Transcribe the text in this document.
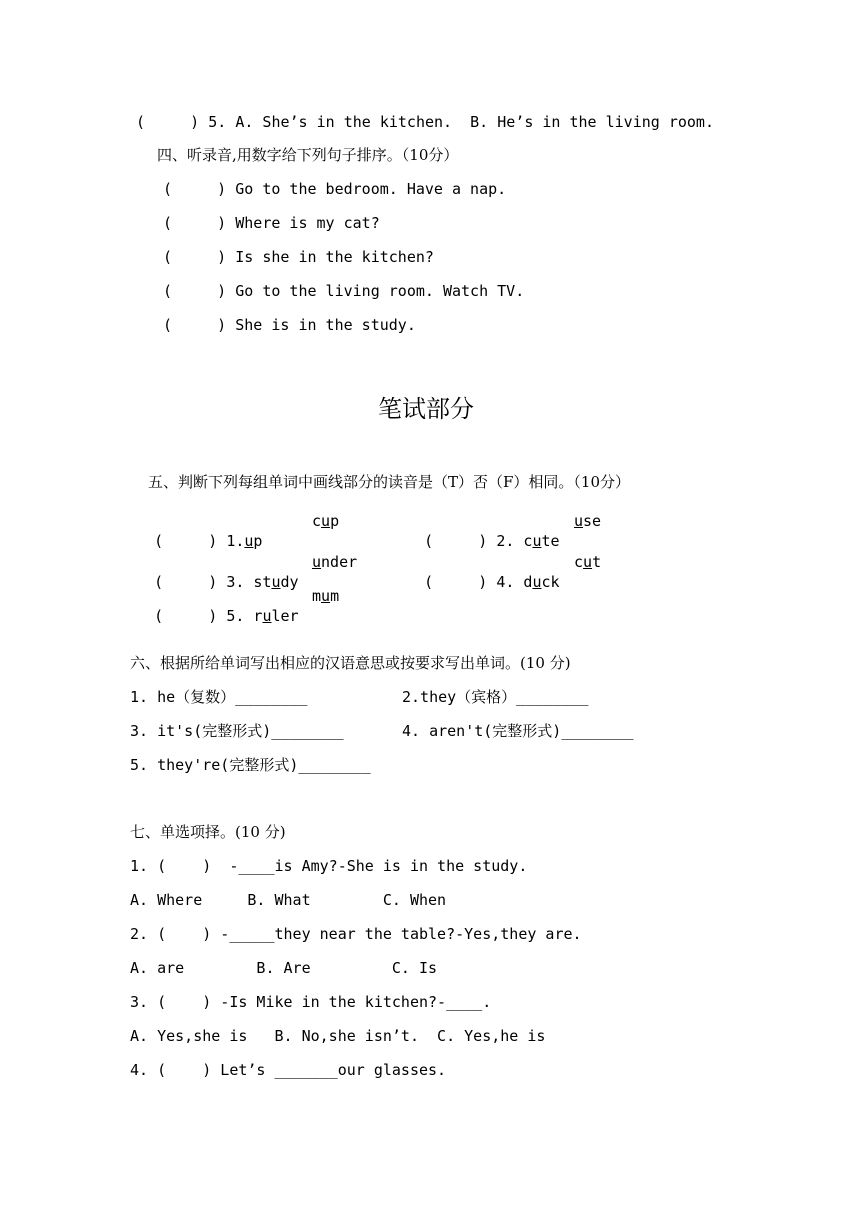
(     ) 5. A. She’s in the kitchen.  B. He’s in the living room.
四、听录音,用数字给下列句子排序。（10分）
(     ) Go to the bedroom. Have a nap.
(     ) Where is my cat?
(     ) Is she in the kitchen?
(     ) Go to the living room. Watch TV.
(     ) She is in the study.
笔试部分
五、判断下列每组单词中画线部分的读音是（T）否（F）相同。（10分）

(     ) 1.up

cup

(     ) 2. cute

use

(     ) 3. study

under

(     ) 4. duck

cut

(     ) 5. ruler

mum
六、根据所给单词写出相应的汉语意思或按要求写出单词。(10 分)
1. he（复数）________	2.they（宾格）________
3. it's(完整形式)________	4. aren't(完整形式)________
5. they're(完整形式)________
七、单选项择。(10 分)
1. (    )  -____is Amy?-She is in the study.
A. Where     B. What        C. When
2. (    ) -_____they near the table?-Yes,they are.
A. are        B. Are         C. Is
3. (    ) -Is Mike in the kitchen?-____.
A. Yes,she is   B. No,she isn’t.  C. Yes,he is
4. (    ) Let’s _______our glasses.
